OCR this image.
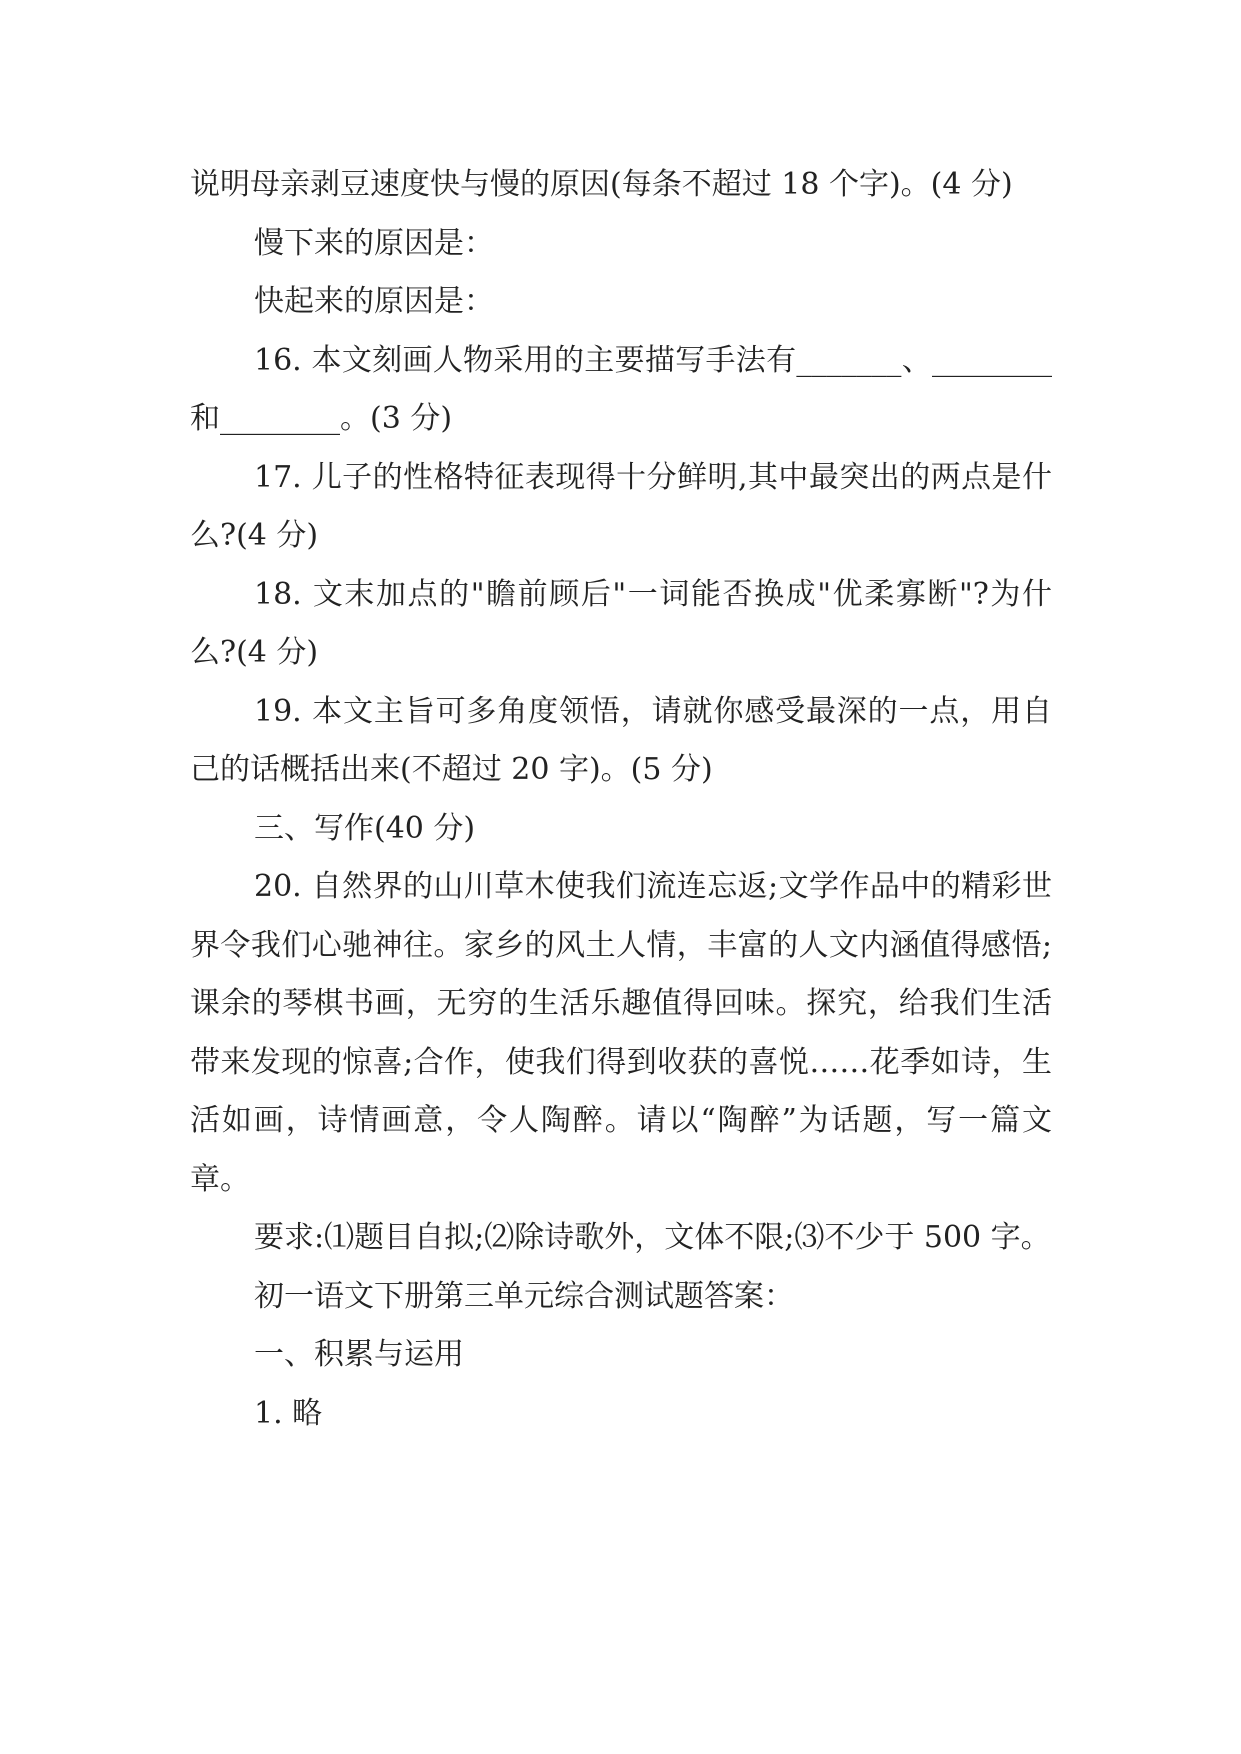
说明母亲剥豆速度快与慢的原因(每条不超过 18 个字)。(4 分)

慢下来的原因是：

快起来的原因是：

16. 本文刻画人物采用的主要描写手法有_______、________和________。(3 分)

17. 儿子的性格特征表现得十分鲜明,其中最突出的两点是什么?(4 分)

18. 文末加点的"瞻前顾后"一词能否换成"优柔寡断"?为什么?(4 分)

19. 本文主旨可多角度领悟，请就你感受最深的一点，用自己的话概括出来(不超过 20 字)。(5 分)

三、写作(40 分)

20. 自然界的山川草木使我们流连忘返;文学作品中的精彩世界令我们心驰神往。家乡的风土人情，丰富的人文内涵值得感悟;课余的琴棋书画，无穷的生活乐趣值得回味。探究，给我们生活带来发现的惊喜;合作，使我们得到收获的喜悦……花季如诗，生活如画，诗情画意，令人陶醉。请以“陶醉”为话题，写一篇文章。

要求:⑴题目自拟;⑵除诗歌外，文体不限;⑶不少于 500 字。

初一语文下册第三单元综合测试题答案：

一、积累与运用

1. 略
